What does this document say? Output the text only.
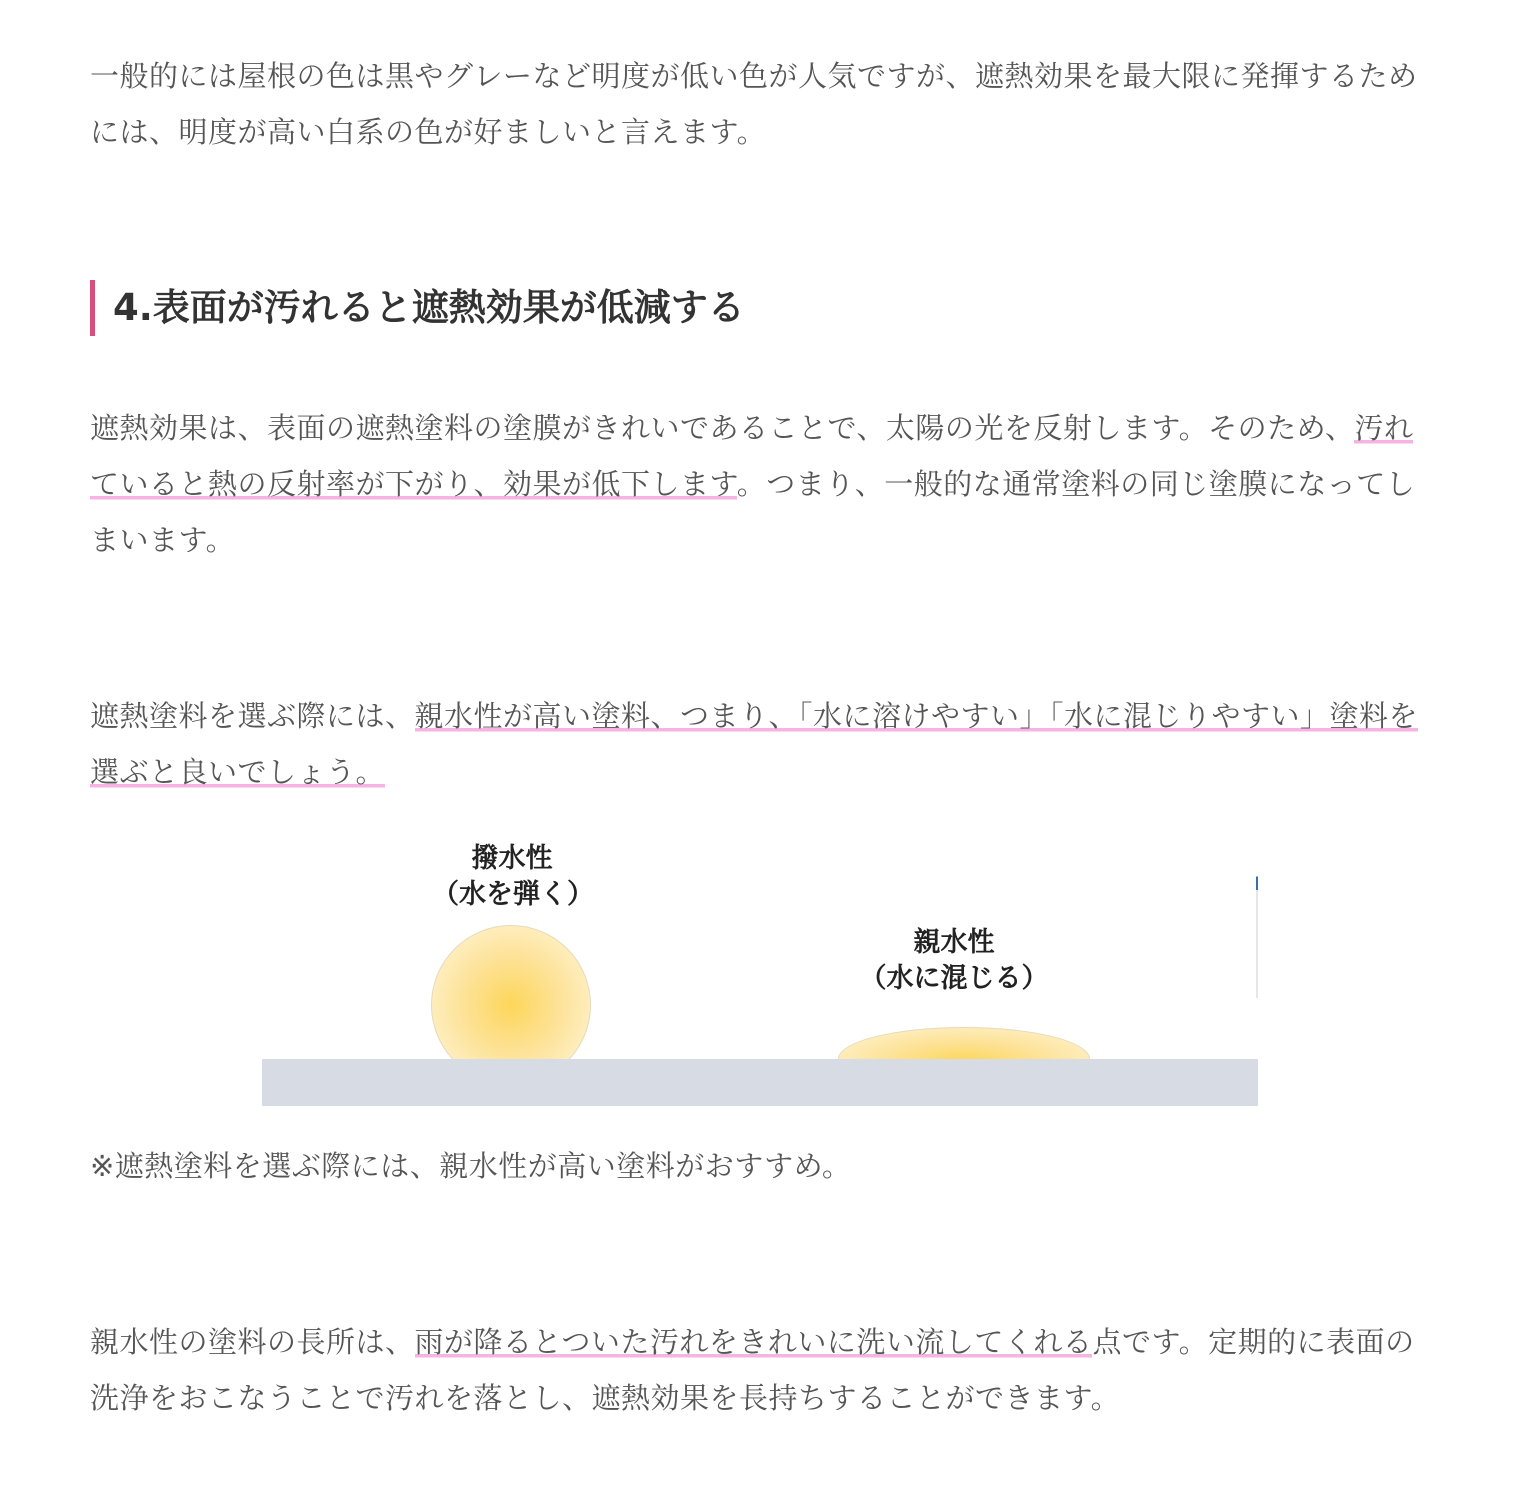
一般的には屋根の色は黒やグレーなど明度が低い色が人気ですが、遮熱効果を最大限に発揮するためには、明度が高い白系の色が好ましいと言えます。

4.表面が汚れると遮熱効果が低減する

遮熱効果は、表面の遮熱塗料の塗膜がきれいであることで、太陽の光を反射します。そのため、汚れていると熱の反射率が下がり、効果が低下します。つまり、一般的な通常塗料の同じ塗膜になってしまいます。

遮熱塗料を選ぶ際には、親水性が高い塗料、つまり、「水に溶けやすい」「水に混じりやすい」塗料を選ぶと良いでしょう。

※遮熱塗料を選ぶ際には、親水性が高い塗料がおすすめ。

親水性の塗料の長所は、雨が降るとついた汚れをきれいに洗い流してくれる点です。定期的に表面の洗浄をおこなうことで汚れを落とし、遮熱効果を長持ちすることができます。

撥水性
（水を弾く）
親水性
（水に混じる）
